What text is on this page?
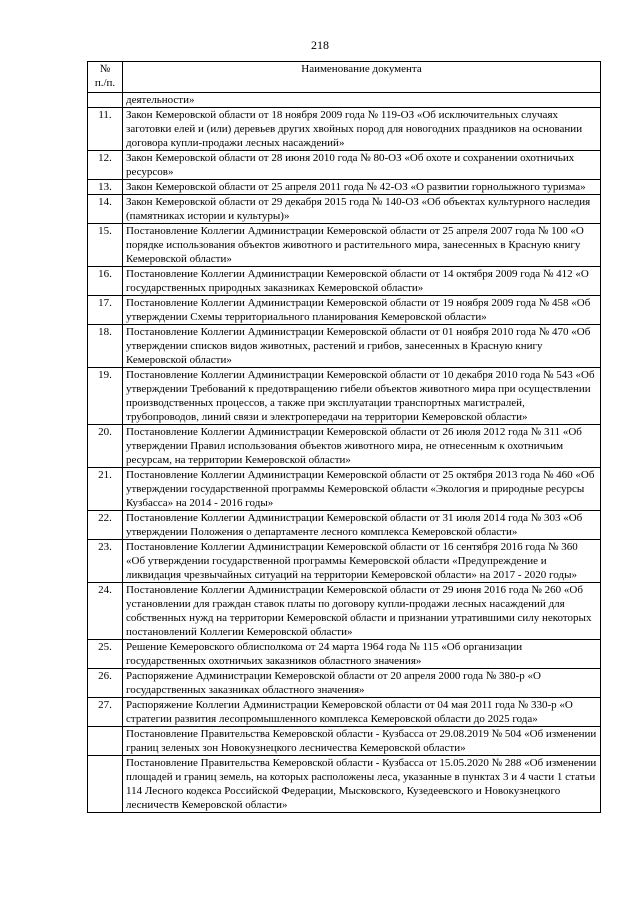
218
№
п./п.	Наименование документа
	деятельности»
11.	Закон Кемеровской области от 18 ноября 2009 года № 119-ОЗ «Об исключительных случаях заготовки елей и (или) деревьев других хвойных пород для новогодних праздников на основании договора купли-продажи лесных насаждений»
12.	Закон Кемеровской области от 28 июня 2010 года № 80-ОЗ «Об охоте и сохранении охотничьих ресурсов»
13.	Закон Кемеровской области от 25 апреля 2011 года № 42-ОЗ «О развитии горнолыжного туризма»
14.	Закон Кемеровской области от 29 декабря 2015 года № 140-ОЗ «Об объектах культурного наследия (памятниках истории и культуры)»
15.	Постановление Коллегии Администрации Кемеровской области от 25 апреля 2007 года № 100 «О порядке использования объектов животного и растительного мира, занесенных в Красную книгу Кемеровской области»
16.	Постановление Коллегии Администрации Кемеровской области от 14 октября 2009 года № 412 «О государственных природных заказниках Кемеровской области»
17.	Постановление Коллегии Администрации Кемеровской области от 19 ноября 2009 года № 458 «Об утверждении Схемы территориального планирования Кемеровской области»
18.	Постановление Коллегии Администрации Кемеровской области от 01 ноября 2010 года № 470 «Об утверждении списков видов животных, растений и грибов, занесенных в Красную книгу Кемеровской области»
19.	Постановление Коллегии Администрации Кемеровской области от 10 декабря 2010 года № 543 «Об утверждении Требований к предотвращению гибели объектов животного мира при осуществлении производственных процессов, а также при эксплуатации транспортных магистралей, трубопроводов, линий связи и электропередачи на территории Кемеровской области»
20.	Постановление Коллегии Администрации Кемеровской области от 26 июля 2012 года № 311 «Об утверждении Правил использования объектов животного мира, не отнесенным к охотничьим ресурсам, на территории Кемеровской области»
21.	Постановление Коллегии Администрации Кемеровской области от 25 октября 2013 года № 460 «Об утверждении государственной программы Кемеровской области «Экология и природные ресурсы Кузбасса» на 2014 - 2016 годы»
22.	Постановление Коллегии Администрации Кемеровской области от 31 июля 2014 года № 303 «Об утверждении Положения о департаменте лесного комплекса Кемеровской области»
23.	Постановление Коллегии Администрации Кемеровской области от 16 сентября 2016 года № 360 «Об утверждении государственной программы Кемеровской области «Предупреждение и ликвидация чрезвычайных ситуаций на территории Кемеровской области» на 2017 - 2020 годы»
24.	Постановление Коллегии Администрации Кемеровской области от 29 июня 2016 года № 260 «Об установлении для граждан ставок платы по договору купли-продажи лесных насаждений для собственных нужд на территории Кемеровской области и признании утратившими силу некоторых постановлений Коллегии Кемеровской области»
25.	Решение Кемеровского облисполкома от 24 марта 1964 года № 115 «Об организации государственных охотничьих заказников областного значения»
26.	Распоряжение Администрации Кемеровской области от 20 апреля 2000 года № 380-р «О государственных заказниках областного значения»
27.	Распоряжение Коллегии Администрации Кемеровской области от 04 мая 2011 года № 330-р «О стратегии развития лесопромышленного комплекса Кемеровской области до 2025 года»
	Постановление Правительства Кемеровской области - Кузбасса от 29.08.2019 № 504 «Об изменении границ зеленых зон Новокузнецкого лесничества Кемеровской области»
	Постановление Правительства Кемеровской области - Кузбасса от 15.05.2020 № 288 «Об изменении площадей и границ земель, на которых расположены леса, указанные в пунктах 3 и 4 части 1 статьи 114 Лесного кодекса Российской Федерации, Мысковского, Кузедеевского и Новокузнецкого лесничеств Кемеровской области»
